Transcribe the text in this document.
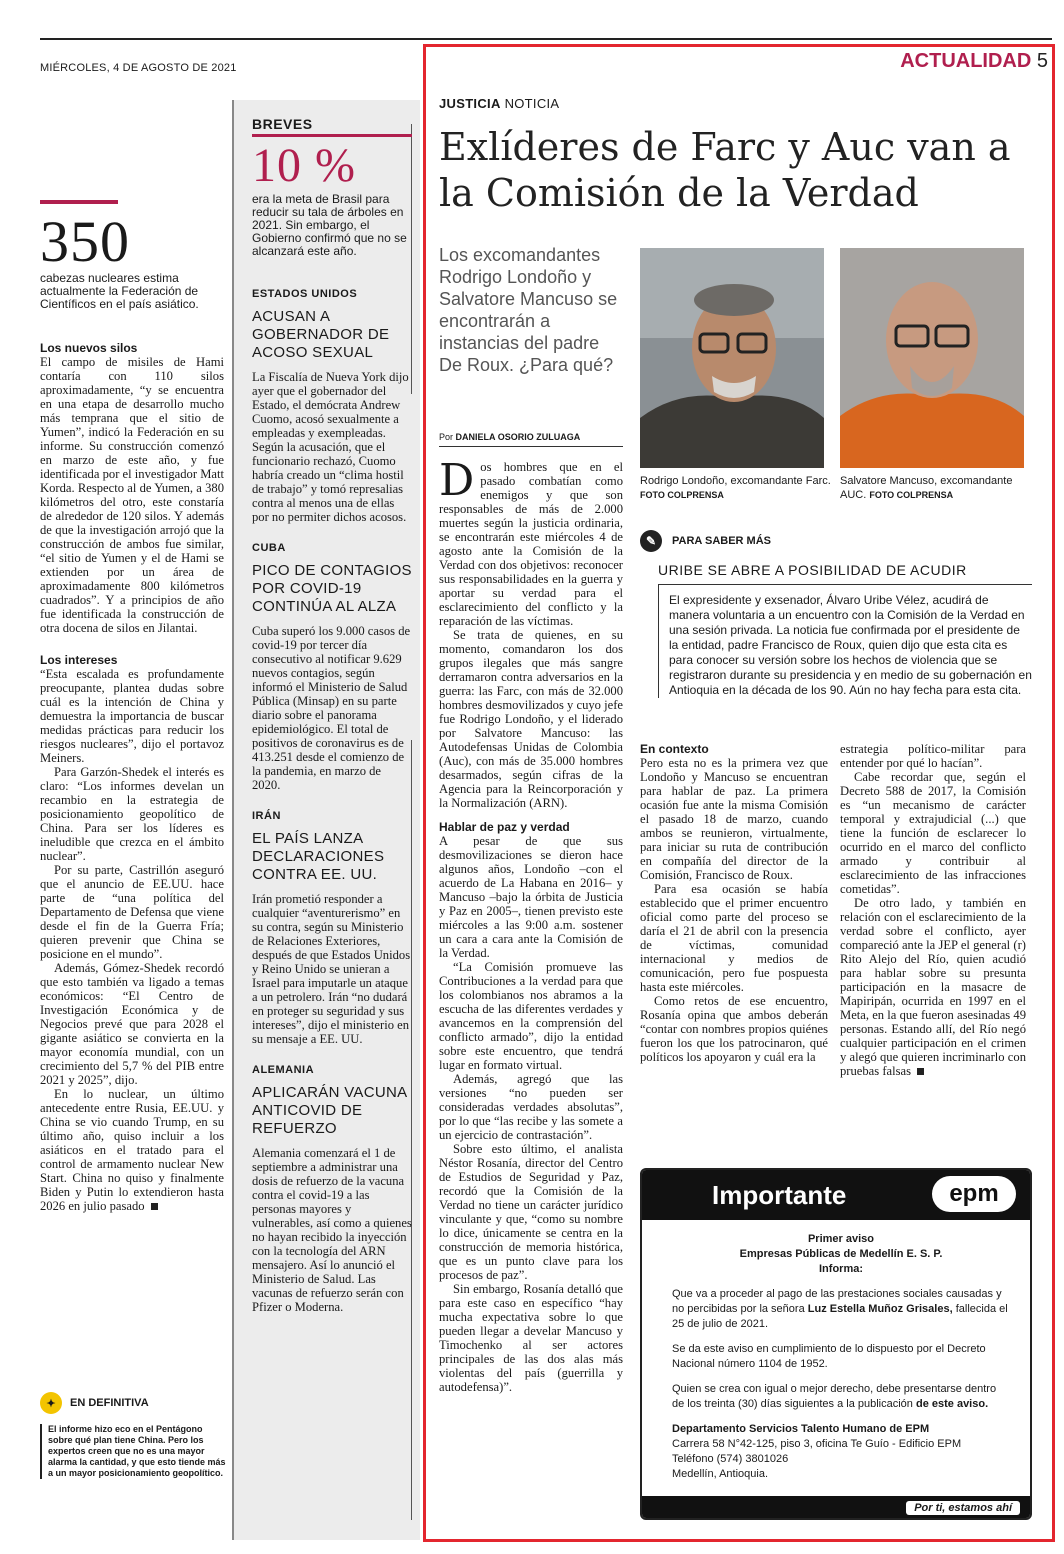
MIÉRCOLES, 4 DE AGOSTO DE 2021
350
cabezas nucleares estima actualmente la Federación de Científicos en el país asiático.
Los nuevos silos

El campo de misiles de Hami contaría con 110 silos aproximadamente, “y se encuentra en una etapa de desarrollo mucho más temprana que el sitio de Yumen”, indicó la Federación en su informe. Su construcción comenzó en marzo de este año, y fue identificada por el investigador Matt Korda. Respecto al de Yumen, a 380 kilómetros del otro, este constaría de alrededor de 120 silos. Y además de que la investigación arrojó que la construcción de ambos fue similar, “el sitio de Yumen y el de Hami se extienden por un área de aproximadamente 800 kilómetros cuadrados”. Y a principios de año fue identificada la construcción de otra docena de silos en Jilantai.

Los intereses

“Esta escalada es profundamente preocupante, plantea dudas sobre cuál es la intención de China y demuestra la importancia de buscar medidas prácticas para reducir los riesgos nucleares”, dijo el portavoz Meiners.

Para Garzón-Shedek el interés es claro: “Los informes develan un recambio en la estrategia de posicionamiento geopolítico de China. Para ser los líderes es ineludible que crezca en el ámbito nuclear”.

Por su parte, Castrillón aseguró que el anuncio de EE.UU. hace parte de “una política del Departamento de Defensa que viene desde el fin de la Guerra Fría; quieren prevenir que China se posicione en el mundo”.

Además, Gómez-Shedek recordó que esto también va ligado a temas económicos: “El Centro de Investigación Económica y de Negocios prevé que para 2028 el gigante asiático se convierta en la mayor economía mundial, con un crecimiento del 5,7 % del PIB entre 2021 y 2025”, dijo.

En lo nuclear, un último antecedente entre Rusia, EE.UU. y China se vio cuando Trump, en su último año, quiso incluir a los asiáticos en el tratado para el control de armamento nuclear New Start. China no quiso y finalmente Biden y Putin lo extendieron hasta 2026 en julio pasado

✦	EN DEFINITIVA
El informe hizo eco en el Pentágono sobre qué plan tiene China. Pero los expertos creen que no es una mayor alarma la cantidad, y que esto tiende más a un mayor posicionamiento geopolítico.
BREVES
10 %
era la meta de Brasil para reducir su tala de árboles en 2021. Sin embargo, el Gobierno confirmó que no se alcanzará este año.
ESTADOS UNIDOS
ACUSAN A GOBERNADOR DE ACOSO SEXUAL
La Fiscalía de Nueva York dijo ayer que el gobernador del Estado, el demócrata Andrew Cuomo, acosó sexualmente a empleadas y exempleadas. Según la acusación, que el funcionario rechazó, Cuomo habría creado un “clima hostil de trabajo” y tomó represalias contra al menos una de ellas por no permiter dichos acosos.
CUBA
PICO DE CONTAGIOS POR COVID-19 CONTINÚA AL ALZA
Cuba superó los 9.000 casos de covid-19 por tercer día consecutivo al notificar 9.629 nuevos contagios, según informó el Ministerio de Salud Pública (Minsap) en su parte diario sobre el panorama epidemiológico. El total de positivos de coronavirus es de 413.251 desde el comienzo de la pandemia, en marzo de 2020.
IRÁN
EL PAÍS LANZA DECLARACIONES CONTRA EE. UU.
Irán prometió responder a cualquier “aventurerismo” en su contra, según su Ministerio de Relaciones Exteriores, después de que Estados Unidos y Reino Unido se unieran a Israel para imputarle un ataque a un petrolero. Irán “no dudará en proteger su seguridad y sus intereses”, dijo el ministerio en su mensaje a EE. UU.
ALEMANIA
APLICARÁN VACUNA ANTICOVID DE REFUERZO
Alemania comenzará el 1 de septiembre a administrar una dosis de refuerzo de la vacuna contra el covid-19 a las personas mayores y vulnerables, así como a quienes no hayan recibido la inyección con la tecnología del ARN mensajero. Así lo anunció el Ministerio de Salud. Las vacunas de refuerzo serán con Pfizer o Moderna.
ACTUALIDAD 5
JUSTICIA NOTICIA
Exlíderes de Farc y Auc van a la Comisión de la Verdad
Los excomandantes Rodrigo Londoño y Salvatore Mancuso se encontrarán a instancias del padre De Roux. ¿Para qué?
Por DANIELA OSORIO ZULUAGA
Rodrigo Londoño, excomandante Farc. FOTO COLPRENSA
Salvatore Mancuso, excomandante AUC. FOTO COLPRENSA

Dos hombres que en el pasado combatían como enemigos y que son responsables de más de 2.000 muertes según la justicia ordinaria, se encontrarán este miércoles 4 de agosto ante la Comisión de la Verdad con dos objetivos: reconocer sus responsabilidades en la guerra y aportar su verdad para el esclarecimiento del conflicto y la reparación de las víctimas.

Se trata de quienes, en su momento, comandaron los dos grupos ilegales que más sangre derramaron contra adversarios en la guerra: las Farc, con más de 32.000 hombres desmovilizados y cuyo jefe fue Rodrigo Londoño, y el liderado por Salvatore Mancuso: las Autodefensas Unidas de Colombia (Auc), con más de 35.000 hombres desarmados, según cifras de la Agencia para la Reincorporación y la Normalización (ARN).

Hablar de paz y verdad

A pesar de que sus desmovilizaciones se dieron hace algunos años, Londoño –con el acuerdo de La Habana en 2016– y Mancuso –bajo la órbita de Justicia y Paz en 2005–, tienen previsto este miércoles a las 9:00 a.m. sostener un cara a cara ante la Comisión de la Verdad.

“La Comisión promueve las Contribuciones a la verdad para que los colombianos nos abramos a la escucha de las diferentes verdades y avancemos en la comprensión del conflicto armado”, dijo la entidad sobre este encuentro, que tendrá lugar en formato virtual.

Además, agregó que las versiones “no pueden ser consideradas verdades absolutas”, por lo que “las recibe y las somete a un ejercicio de contrastación”.

Sobre esto último, el analista Néstor Rosanía, director del Centro de Estudios de Seguridad y Paz, recordó que la Comisión de la Verdad no tiene un carácter jurídico vinculante y que, “como su nombre lo dice, únicamente se centra en la construcción de memoria histórica, que es un punto clave para los procesos de paz”.

Sin embargo, Rosanía detalló que para este caso en específico “hay mucha expectativa sobre lo que pueden llegar a develar Mancuso y Timochenko al ser actores principales de las dos alas más violentas del país (guerrilla y autodefensa)”.

✎	PARA SABER MÁS
URIBE SE ABRE A POSIBILIDAD DE ACUDIR
El expresidente y exsenador, Álvaro Uribe Vélez, acudirá de manera voluntaria a un encuentro con la Comisión de la Verdad en una sesión privada. La noticia fue confirmada por el presidente de la entidad, padre Francisco de Roux, quien dijo que esta cita es para conocer su versión sobre los hechos de violencia que se registraron durante su presidencia y en medio de su gobernación en Antioquia en la década de los 90. Aún no hay fecha para esta cita.
En contexto

Pero esta no es la primera vez que Londoño y Mancuso se encuentran para hablar de paz. La primera ocasión fue ante la misma Comisión el pasado 18 de marzo, cuando ambos se reunieron, virtualmente, para iniciar su ruta de contribución en compañía del director de la Comisión, Francisco de Roux.

Para esa ocasión se había establecido que el primer encuentro oficial como parte del proceso se daría el 21 de abril con la presencia de víctimas, comunidad internacional y medios de comunicación, pero fue pospuesta hasta este miércoles.

Como retos de ese encuentro, Rosanía opina que ambos deberán “contar con nombres propios quiénes fueron los que los patrocinaron, qué políticos los apoyaron y cuál era la

estrategia político-militar para entender por qué lo hacían”.

Cabe recordar que, según el Decreto 588 de 2017, la Comisión es “un mecanismo de carácter temporal y extrajudicial (...) que tiene la función de esclarecer lo ocurrido en el marco del conflicto armado y contribuir al esclarecimiento de las infracciones cometidas”.

De otro lado, y también en relación con el esclarecimiento de la verdad sobre el conflicto, ayer compareció ante la JEP el general (r) Rito Alejo del Río, quien acudió para hablar sobre su presunta participación en la masacre de Mapiripán, ocurrida en 1997 en el Meta, en la que fueron asesinadas 49 personas. Estando allí, del Río negó cualquier participación en el crimen y alegó que quieren incriminarlo con pruebas falsas

Importante	epm
Primer aviso
Empresas Públicas de Medellín E. S. P.
Informa:

Que va a proceder al pago de las prestaciones sociales causadas y no percibidas por la señora Luz Estella Muñoz Grisales, fallecida el 25 de julio de 2021.

Se da este aviso en cumplimiento de lo dispuesto por el Decreto Nacional número 1104 de 1952.

Quien se crea con igual o mejor derecho, debe presentarse dentro de los treinta (30) días siguientes a la publicación de este aviso.

Departamento Servicios Talento Humano de EPM

Carrera 58 N°42-125, piso 3, oficina Te Guío - Edificio EPM
Teléfono (574) 3801026
Medellín, Antioquia.
Por ti, estamos ahí
